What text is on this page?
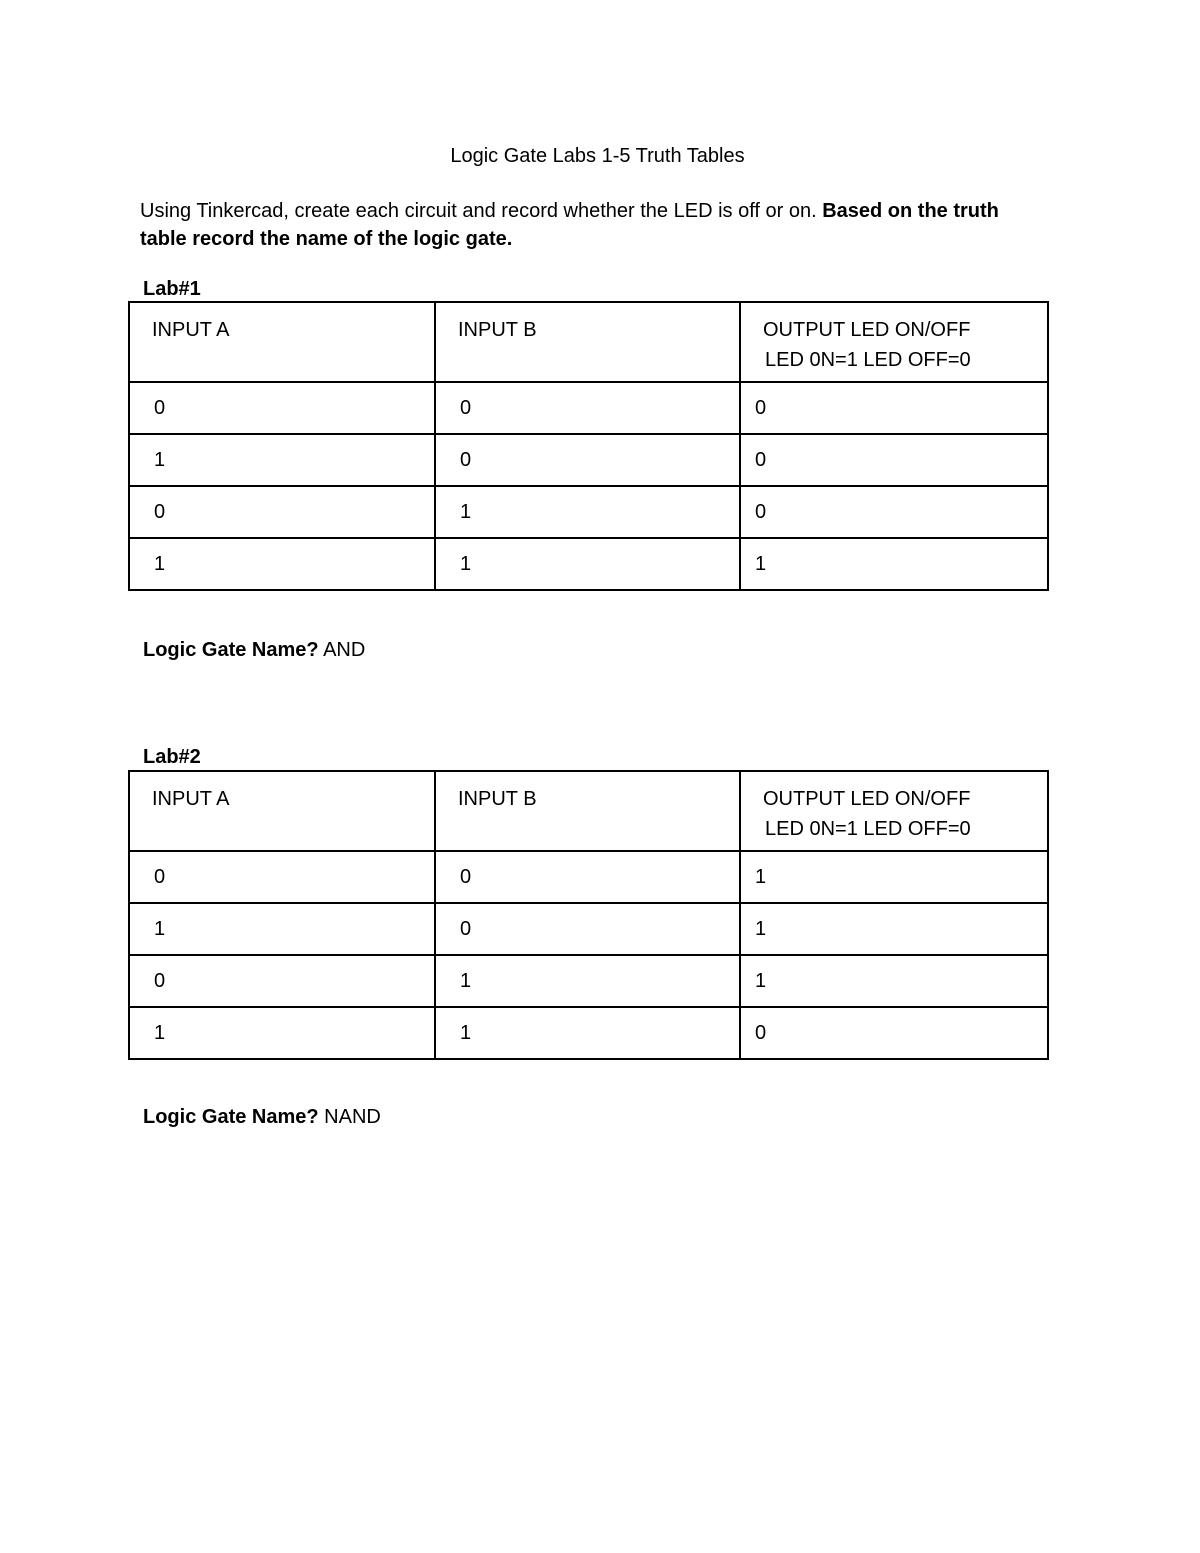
Logic Gate Labs 1-5 Truth Tables
Using Tinkercad, create each circuit and record whether the LED is off or on. Based on the truth table record the name of the logic gate.
Lab#1
INPUT A	INPUT B	OUTPUT LED ON/OFF
LED 0N=1 LED OFF=0

0	0	0
1	0	0
0	1	0
1	1	1
Logic Gate Name? AND
Lab#2
INPUT A	INPUT B	OUTPUT LED ON/OFF
LED 0N=1 LED OFF=0

0	0	1
1	0	1
0	1	1
1	1	0
Logic Gate Name? NAND
